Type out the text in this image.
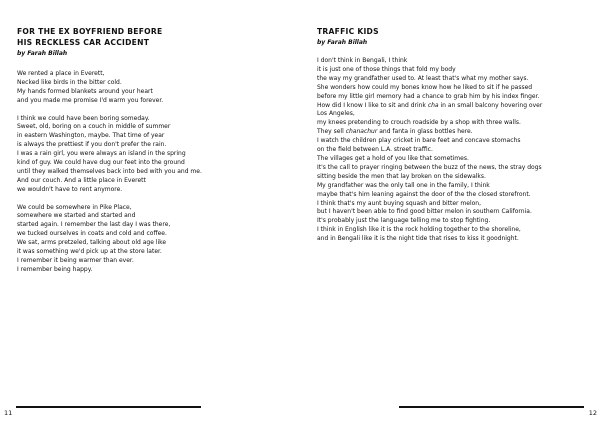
FOR THE EX BOYFRIEND BEFORE
HIS RECKLESS CAR ACCIDENT

by Farah Billah

We rented a place in Everett,
Necked like birds in the bitter cold.
My hands formed blankets around your heart
and you made me promise I'd warm you forever.

I think we could have been boring someday.
Sweet, old, boring on a couch in middle of summer
in eastern Washington, maybe. That time of year
is always the prettiest if you don't prefer the rain.
I was a rain girl, you were always an island in the spring
kind of guy. We could have dug our feet into the ground
until they walked themselves back into bed with you and me.
And our couch. And a little place in Everett
we wouldn't have to rent anymore.

We could be somewhere in Pike Place,
somewhere we started and started and
started again. I remember the last day I was there,
we tucked ourselves in coats and cold and coffee.
We sat, arms pretzeled, talking about old age like
it was something we'd pick up at the store later.
I remember it being warmer than ever.
I remember being happy.

11
TRAFFIC KIDS

by Farah Billah

I don't think in Bengali, I think
it is just one of those things that fold my body
the way my grandfather used to. At least that's what my mother says.
She wonders how could my bones know how he liked to sit if he passed
before my little girl memory had a chance to grab him by his index finger.
How did I know I like to sit and drink cha in an small balcony hovering over
Los Angeles,
my knees pretending to crouch roadside by a shop with three walls.
They sell chanachur and fanta in glass bottles here.
I watch the children play cricket in bare feet and concave stomachs
on the field between L.A. street traffic.
The villages get a hold of you like that sometimes.
It's the call to prayer ringing between the buzz of the news, the stray dogs
sitting beside the men that lay broken on the sidewalks.
My grandfather was the only tall one in the family, I think
maybe that's him leaning against the door of the the closed storefront.
I think that's my aunt buying squash and bitter melon,
but I haven't been able to find good bitter melon in southern California.
It's probably just the language telling me to stop fighting.
I think in English like it is the rock holding together to the shoreline,
and in Bengali like it is the night tide that rises to kiss it goodnight.
12
